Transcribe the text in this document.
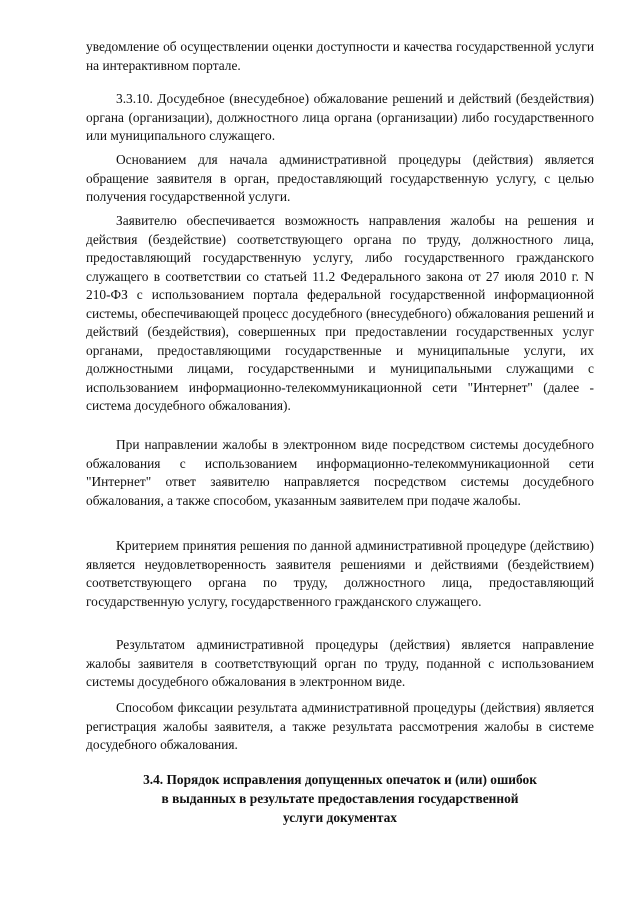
уведомление об осуществлении оценки доступности и качества государственной услуги на интерактивном портале.

3.3.10. Досудебное (внесудебное) обжалование решений и действий (бездействия) органа (организации), должностного лица органа (организации) либо государственного или муниципального служащего.

Основанием для начала административной процедуры (действия) является обращение заявителя в орган, предоставляющий государственную услугу, с целью получения государственной услуги.

Заявителю обеспечивается возможность направления жалобы на решения и действия (бездействие) соответствующего органа по труду, должностного лица, предоставляющий государственную услугу, либо государственного гражданского служащего в соответствии со статьей 11.2 Федерального закона от 27 июля 2010 г. N 210-ФЗ с использованием портала федеральной государственной информационной системы, обеспечивающей процесс досудебного (внесудебного) обжалования решений и действий (бездействия), совершенных при предоставлении государственных услуг органами, предоставляющими государственные и муниципальные услуги, их должностными лицами, государственными и муниципальными служащими с использованием информационно-телекоммуникационной сети "Интернет" (далее - система досудебного обжалования).

При направлении жалобы в электронном виде посредством системы досудебного обжалования с использованием информационно-телекоммуникационной сети "Интернет" ответ заявителю направляется посредством системы досудебного обжалования, а также способом, указанным заявителем при подаче жалобы.

Критерием принятия решения по данной административной процедуре (действию) является неудовлетворенность заявителя решениями и действиями (бездействием) соответствующего органа по труду, должностного лица, предоставляющий государственную услугу, государственного гражданского служащего.

Результатом административной процедуры (действия) является направление жалобы заявителя в соответствующий орган по труду, поданной с использованием системы досудебного обжалования в электронном виде.

Способом фиксации результата административной процедуры (действия) является регистрация жалобы заявителя, а также результата рассмотрения жалобы в системе досудебного обжалования.

3.4. Порядок исправления допущенных опечаток и (или) ошибок
в выданных в результате предоставления государственной
услуги документах
